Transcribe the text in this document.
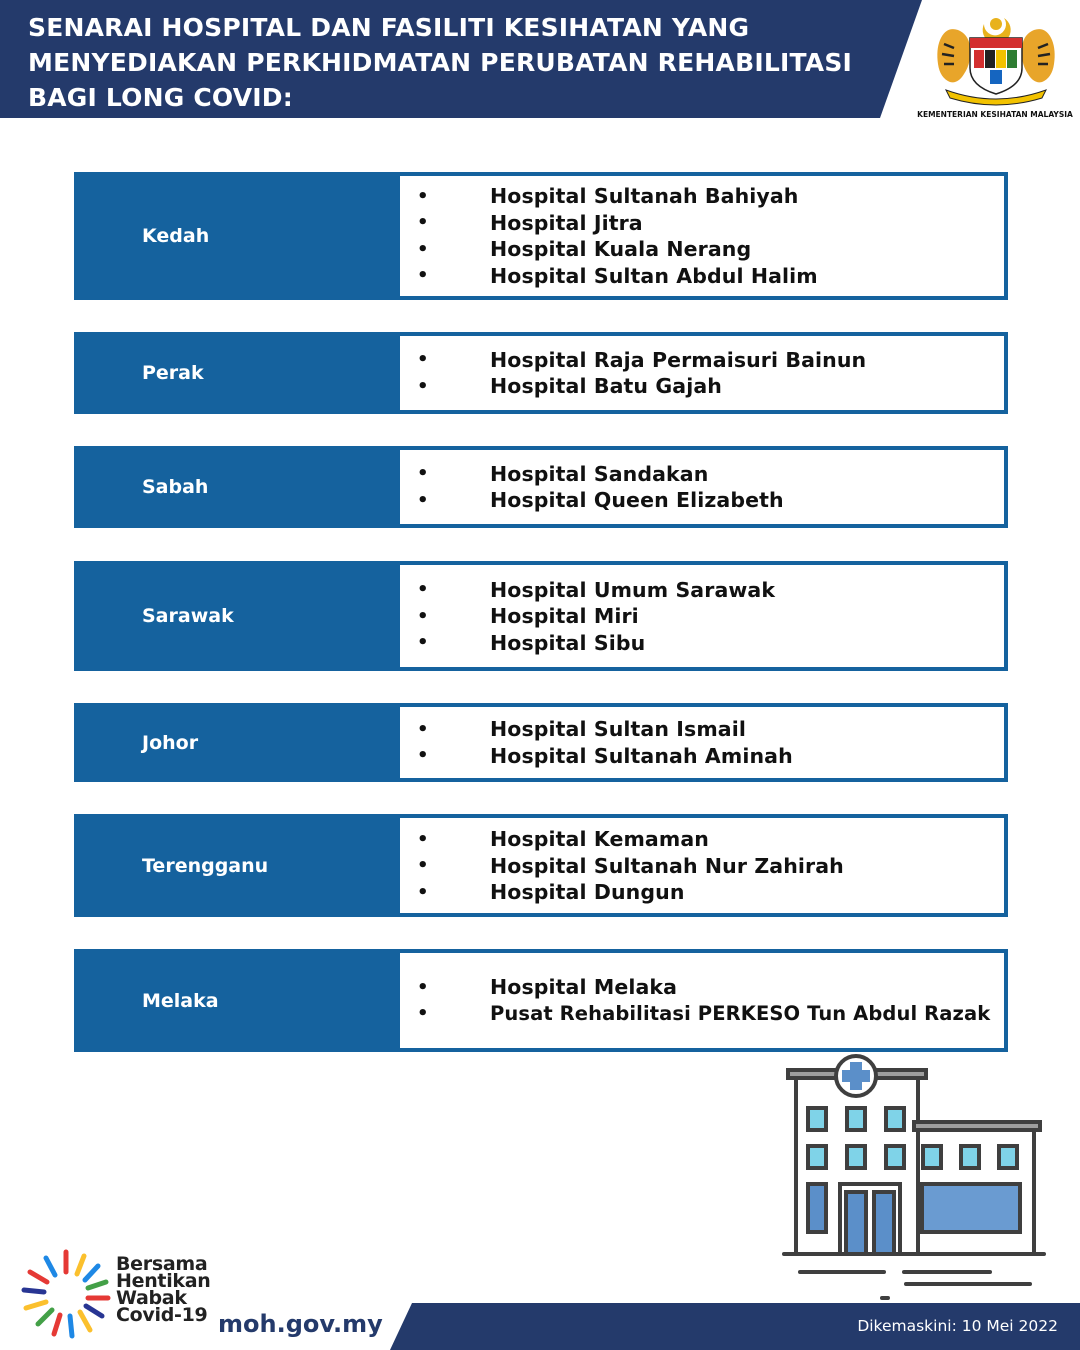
SENARAI HOSPITAL DAN FASILITI KESIHATAN YANG
MENYEDIAKAN PERKHIDMATAN PERUBATAN REHABILITASI
BAGI LONG COVID:
KEMENTERIAN KESIHATAN MALAYSIA
Kedah
•	Hospital Sultanah Bahiyah
•	Hospital Jitra
•	Hospital Kuala Nerang
•	Hospital Sultan Abdul Halim
Perak
•	Hospital Raja Permaisuri Bainun
•	Hospital Batu Gajah
Sabah
•	Hospital Sandakan
•	Hospital Queen Elizabeth
Sarawak
•	Hospital Umum Sarawak
•	Hospital Miri
•	Hospital Sibu
Johor
•	Hospital Sultan Ismail
•	Hospital Sultanah Aminah
Terengganu
•	Hospital Kemaman
•	Hospital Sultanah Nur Zahirah
•	Hospital Dungun
Melaka
•	Hospital Melaka
•	Pusat Rehabilitasi PERKESO Tun Abdul Razak
Bersama
Hentikan
Wabak
Covid-19 moh.gov.my	Dikemaskini: 10 Mei 2022
